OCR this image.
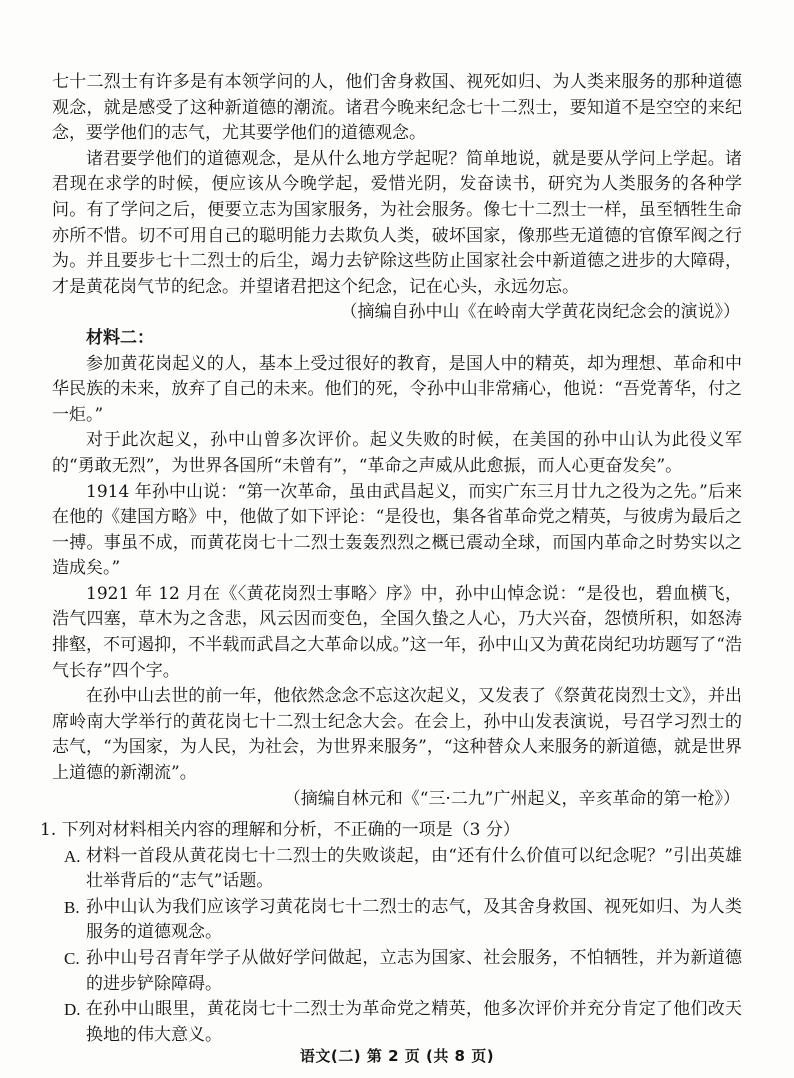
七十二烈士有许多是有本领学问的人，他们舍身救国、视死如归、为人类来服务的那种道德观念，就是感受了这种新道德的潮流。诸君今晚来纪念七十二烈士，要知道不是空空的来纪念，要学他们的志气，尤其要学他们的道德观念。

诸君要学他们的道德观念，是从什么地方学起呢？简单地说，就是要从学问上学起。诸君现在求学的时候，便应该从今晚学起，爱惜光阴，发奋读书，研究为人类服务的各种学问。有了学问之后，便要立志为国家服务，为社会服务。像七十二烈士一样，虽至牺牲生命亦所不惜。切不可用自己的聪明能力去欺负人类，破坏国家，像那些无道德的官僚军阀之行为。并且要步七十二烈士的后尘，竭力去铲除这些防止国家社会中新道德之进步的大障碍，才是黄花岗气节的纪念。并望诸君把这个纪念，记在心头，永远勿忘。

（摘编自孙中山《在岭南大学黄花岗纪念会的演说》）

材料二：

参加黄花岗起义的人，基本上受过很好的教育，是国人中的精英，却为理想、革命和中华民族的未来，放弃了自己的未来。他们的死，令孙中山非常痛心，他说：“吾党菁华，付之一炬。”

对于此次起义，孙中山曾多次评价。起义失败的时候，在美国的孙中山认为此役义军的“勇敢无烈”，为世界各国所“未曾有”，“革命之声威从此愈振，而人心更奋发矣”。

1914 年孙中山说：“第一次革命，虽由武昌起义，而实广东三月廿九之役为之先。”后来在他的《建国方略》中，他做了如下评论：“是役也，集各省革命党之精英，与彼虏为最后之一搏。事虽不成，而黄花岗七十二烈士轰轰烈烈之概已震动全球，而国内革命之时势实以之造成矣。”

1921 年 12 月在《〈黄花岗烈士事略〉序》中，孙中山悼念说：“是役也，碧血横飞，浩气四塞，草木为之含悲，风云因而变色，全国久蛰之人心，乃大兴奋，怨愤所积，如怒涛排壑，不可遏抑，不半载而武昌之大革命以成。”这一年，孙中山又为黄花岗纪功坊题写了“浩气长存”四个字。

在孙中山去世的前一年，他依然念念不忘这次起义，又发表了《祭黄花岗烈士文》，并出席岭南大学举行的黄花岗七十二烈士纪念大会。在会上，孙中山发表演说，号召学习烈士的志气，“为国家，为人民，为社会，为世界来服务”，“这种替众人来服务的新道德，就是世界上道德的新潮流”。

（摘编自林元和《“三·二九”广州起义，辛亥革命的第一枪》）

1. 下列对材料相关内容的理解和分析，不正确的一项是（3 分）

A. 材料一首段从黄花岗七十二烈士的失败谈起，由“还有什么价值可以纪念呢？”引出英雄壮举背后的“志气”话题。
B. 孙中山认为我们应该学习黄花岗七十二烈士的志气，及其舍身救国、视死如归、为人类服务的道德观念。
C. 孙中山号召青年学子从做好学问做起，立志为国家、社会服务，不怕牺牲，并为新道德的进步铲除障碍。
D. 在孙中山眼里，黄花岗七十二烈士为革命党之精英，他多次评价并充分肯定了他们改天换地的伟大意义。
语文(二) 第 2 页 (共 8 页)
